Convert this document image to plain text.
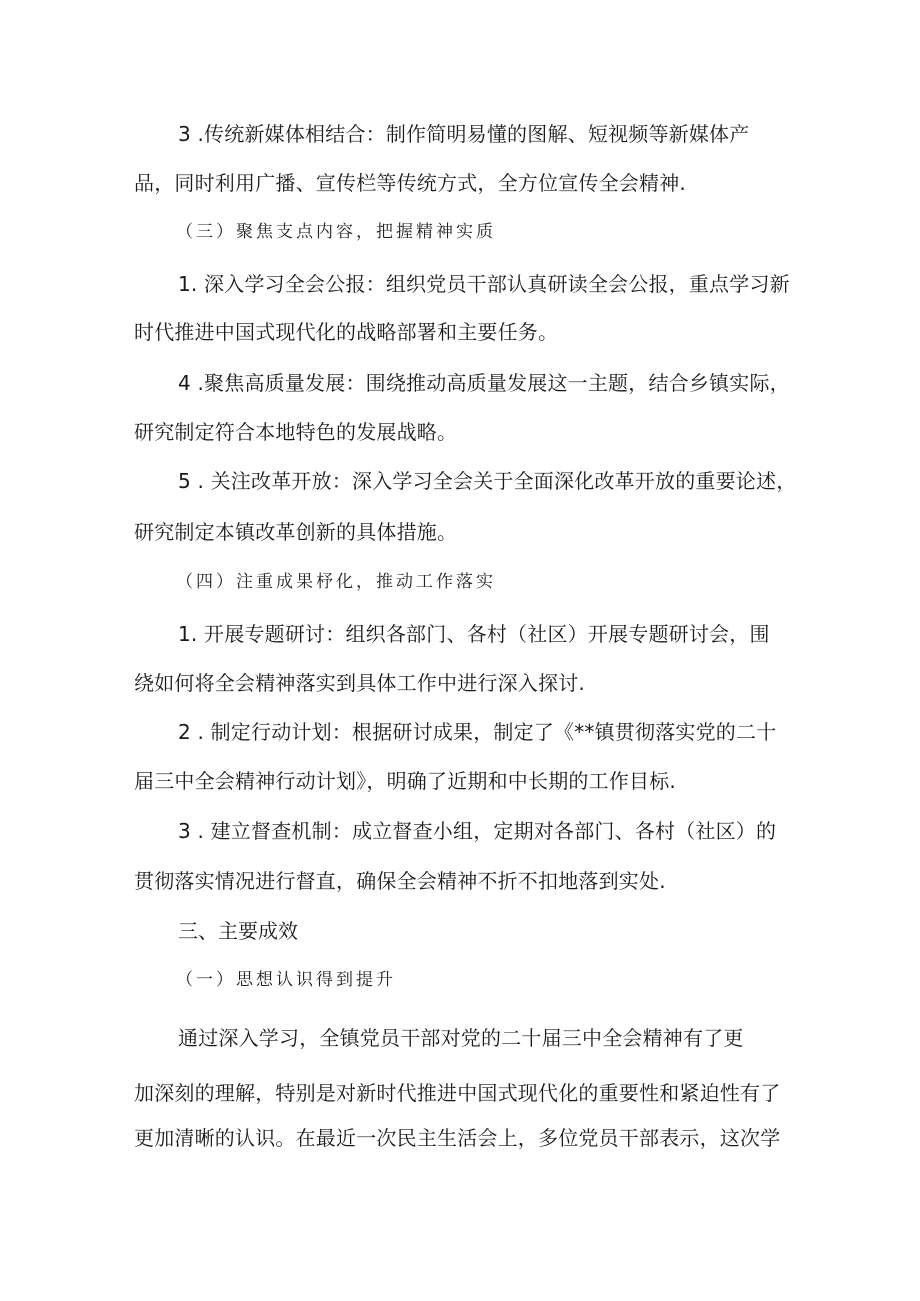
3 .传统新媒体相结合：制作简明易懂的图解、短视频等新媒体产
品，同时利用广播、宣传栏等传统方式，全方位宣传全会精神.
（三）聚焦支点内容，把握精神实质
1. 深入学习全会公报：组织党员干部认真研读全会公报，重点学习新
时代推进中国式现代化的战略部署和主要任务。
4 .聚焦高质量发展：围绕推动高质量发展这一主题，结合乡镇实际，
研究制定符合本地特色的发展战略。
5 . 关注改革开放：深入学习全会关于全面深化改革开放的重要论述，
研究制定本镇改革创新的具体措施。
（四）注重成果杼化，推动工作落实
1. 开展专题研讨：组织各部门、各村（社区）开展专题研讨会，围
绕如何将全会精神落实到具体工作中进行深入探讨.
2 . 制定行动计划：根据研讨成果，制定了《**镇贯彻落实党的二十
届三中全会精神行动计划》，明确了近期和中长期的工作目标.
3 . 建立督查机制：成立督查小组，定期对各部门、各村（社区）的
贯彻落实情况进行督直，确保全会精神不折不扣地落到实处.
三、主要成效
（一）思想认识得到提升
通过深入学习，全镇党员干部对党的二十届三中全会精神有了更
加深刻的理解，特别是对新时代推进中国式现代化的重要性和紧迫性有了
更加清晰的认识。在最近一次民主生活会上，多位党员干部表示，这次学
